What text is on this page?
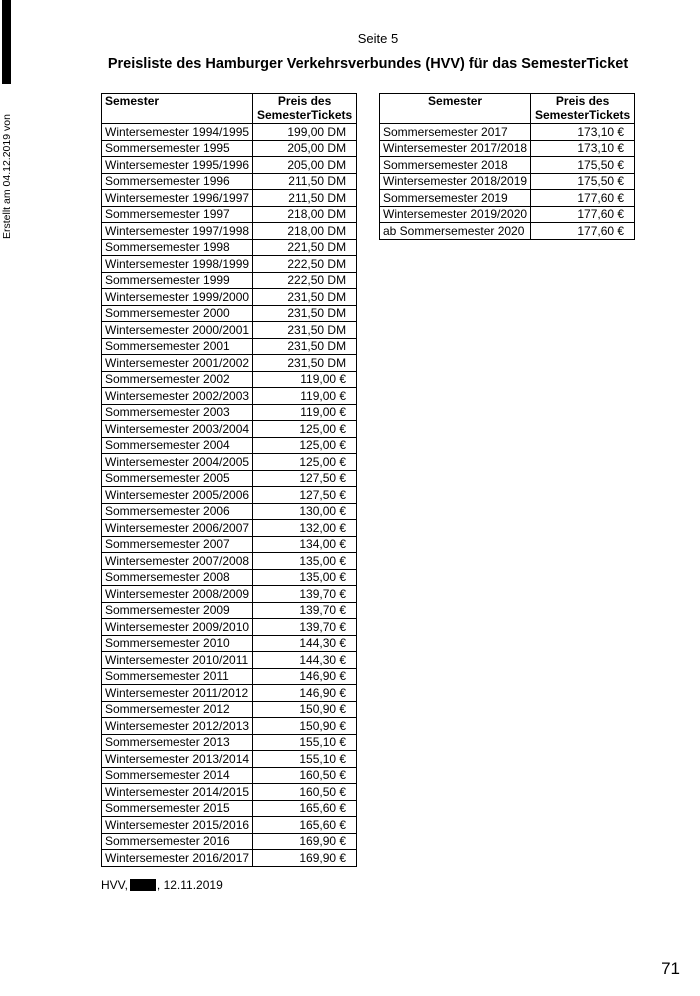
Erstellt am 04.12.2019 von
Seite 5
Preisliste des Hamburger Verkehrsverbundes (HVV) für das SemesterTicket
Semester	Preis des
SemesterTickets
Wintersemester 1994/1995	199,00 DM
Sommersemester 1995	205,00 DM
Wintersemester 1995/1996	205,00 DM
Sommersemester 1996	211,50 DM
Wintersemester 1996/1997	211,50 DM
Sommersemester 1997	218,00 DM
Wintersemester 1997/1998	218,00 DM
Sommersemester 1998	221,50 DM
Wintersemester 1998/1999	222,50 DM
Sommersemester 1999	222,50 DM
Wintersemester 1999/2000	231,50 DM
Sommersemester 2000	231,50 DM
Wintersemester 2000/2001	231,50 DM
Sommersemester 2001	231,50 DM
Wintersemester 2001/2002	231,50 DM
Sommersemester 2002	119,00 €
Wintersemester 2002/2003	119,00 €
Sommersemester 2003	119,00 €
Wintersemester 2003/2004	125,00 €
Sommersemester 2004	125,00 €
Wintersemester 2004/2005	125,00 €
Sommersemester 2005	127,50 €
Wintersemester 2005/2006	127,50 €
Sommersemester 2006	130,00 €
Wintersemester 2006/2007	132,00 €
Sommersemester 2007	134,00 €
Wintersemester 2007/2008	135,00 €
Sommersemester 2008	135,00 €
Wintersemester 2008/2009	139,70 €
Sommersemester 2009	139,70 €
Wintersemester 2009/2010	139,70 €
Sommersemester 2010	144,30 €
Wintersemester 2010/2011	144,30 €
Sommersemester 2011	146,90 €
Wintersemester 2011/2012	146,90 €
Sommersemester 2012	150,90 €
Wintersemester 2012/2013	150,90 €
Sommersemester 2013	155,10 €
Wintersemester 2013/2014	155,10 €
Sommersemester 2014	160,50 €
Wintersemester 2014/2015	160,50 €
Sommersemester 2015	165,60 €
Wintersemester 2015/2016	165,60 €
Sommersemester 2016	169,90 €
Wintersemester 2016/2017	169,90 €
Semester	Preis des
SemesterTickets
Sommersemester 2017	173,10 €
Wintersemester 2017/2018	173,10 €
Sommersemester 2018	175,50 €
Wintersemester 2018/2019	175,50 €
Sommersemester 2019	177,60 €
Wintersemester 2019/2020	177,60 €
ab Sommersemester 2020	177,60 €
HVV, , 12.11.2019
71
